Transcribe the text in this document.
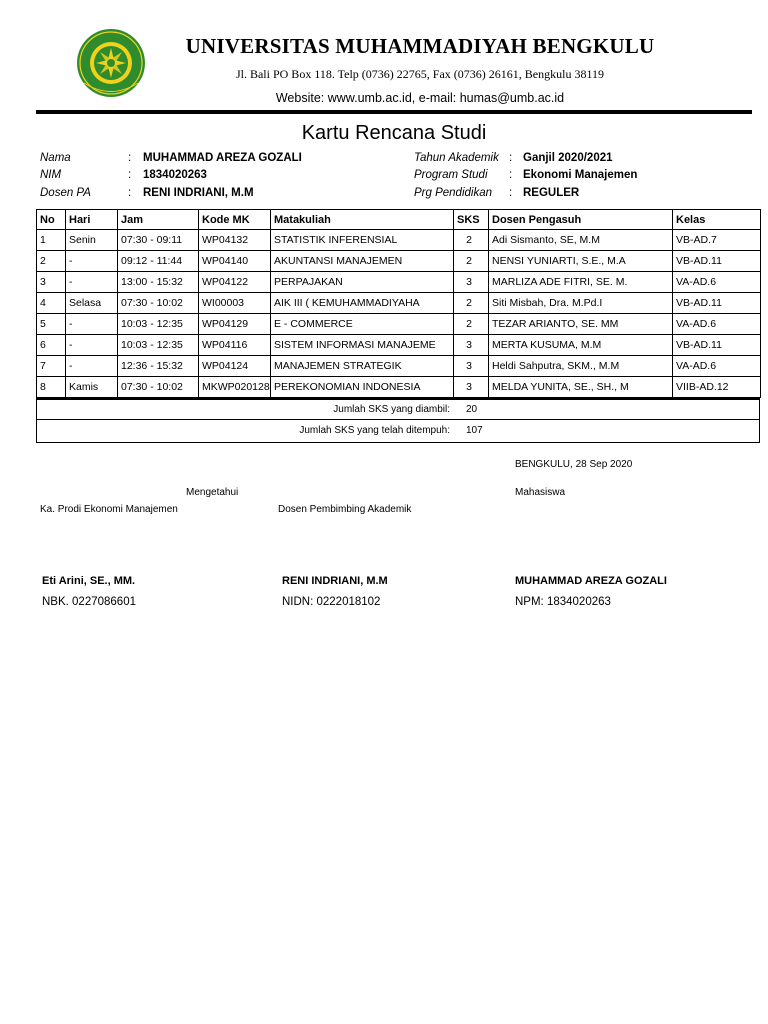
UNIVERSITAS MUHAMMADIYAH BENGKULU
Jl. Bali PO Box 118. Telp (0736) 22765, Fax (0736) 26161, Bengkulu 38119
Website: www.umb.ac.id, e-mail: humas@umb.ac.id
Kartu Rencana Studi
Nama	: MUHAMMAD AREZA GOZALI
NIM	: 1834020263
Dosen PA	: RENI INDRIANI, M.M
Tahun Akademik : Ganjil 2020/2021
Program Studi : Ekonomi Manajemen
Prg Pendidikan : REGULER
No	Hari	Jam	Kode MK	Matakuliah	SKS	Dosen Pengasuh	Kelas
1	Senin	07:30 - 09:11	WP04132	STATISTIK INFERENSIAL	2	Adi Sismanto, SE, M.M	VB-AD.7
2	-	09:12 - 11:44	WP04140	AKUNTANSI MANAJEMEN	2	NENSI YUNIARTI, S.E., M.A	VB-AD.11
3	-	13:00 - 15:32	WP04122	PERPAJAKAN	3	MARLIZA ADE FITRI, SE. M.	VA-AD.6
4	Selasa	07:30 - 10:02	WI00003	AIK III ( KEMUHAMMADIYAHA	2	Siti Misbah, Dra. M.Pd.I	VB-AD.11
5	-	10:03 - 12:35	WP04129	E - COMMERCE	2	TEZAR ARIANTO, SE. MM	VA-AD.6
6	-	10:03 - 12:35	WP04116	SISTEM INFORMASI MANAJEME	3	MERTA KUSUMA, M.M	VB-AD.11
7	-	12:36 - 15:32	WP04124	MANAJEMEN STRATEGIK	3	Heldi Sahputra, SKM., M.M	VA-AD.6
8	Kamis	07:30 - 10:02	MKWP020128	PEREKONOMIAN INDONESIA	3	MELDA YUNITA, SE., SH., M	VIIB-AD.12
Jumlah SKS yang diambil: 20
Jumlah SKS yang telah ditempuh: 107
BENGKULU, 28 Sep 2020
Mengetahui	Mahasiswa
Ka. Prodi Ekonomi Manajemen	Dosen Pembimbing Akademik
Eti Arini, SE., MM.	RENI INDRIANI, M.M	MUHAMMAD AREZA GOZALI
NBK. 0227086601	NIDN: 0222018102	NPM: 1834020263
